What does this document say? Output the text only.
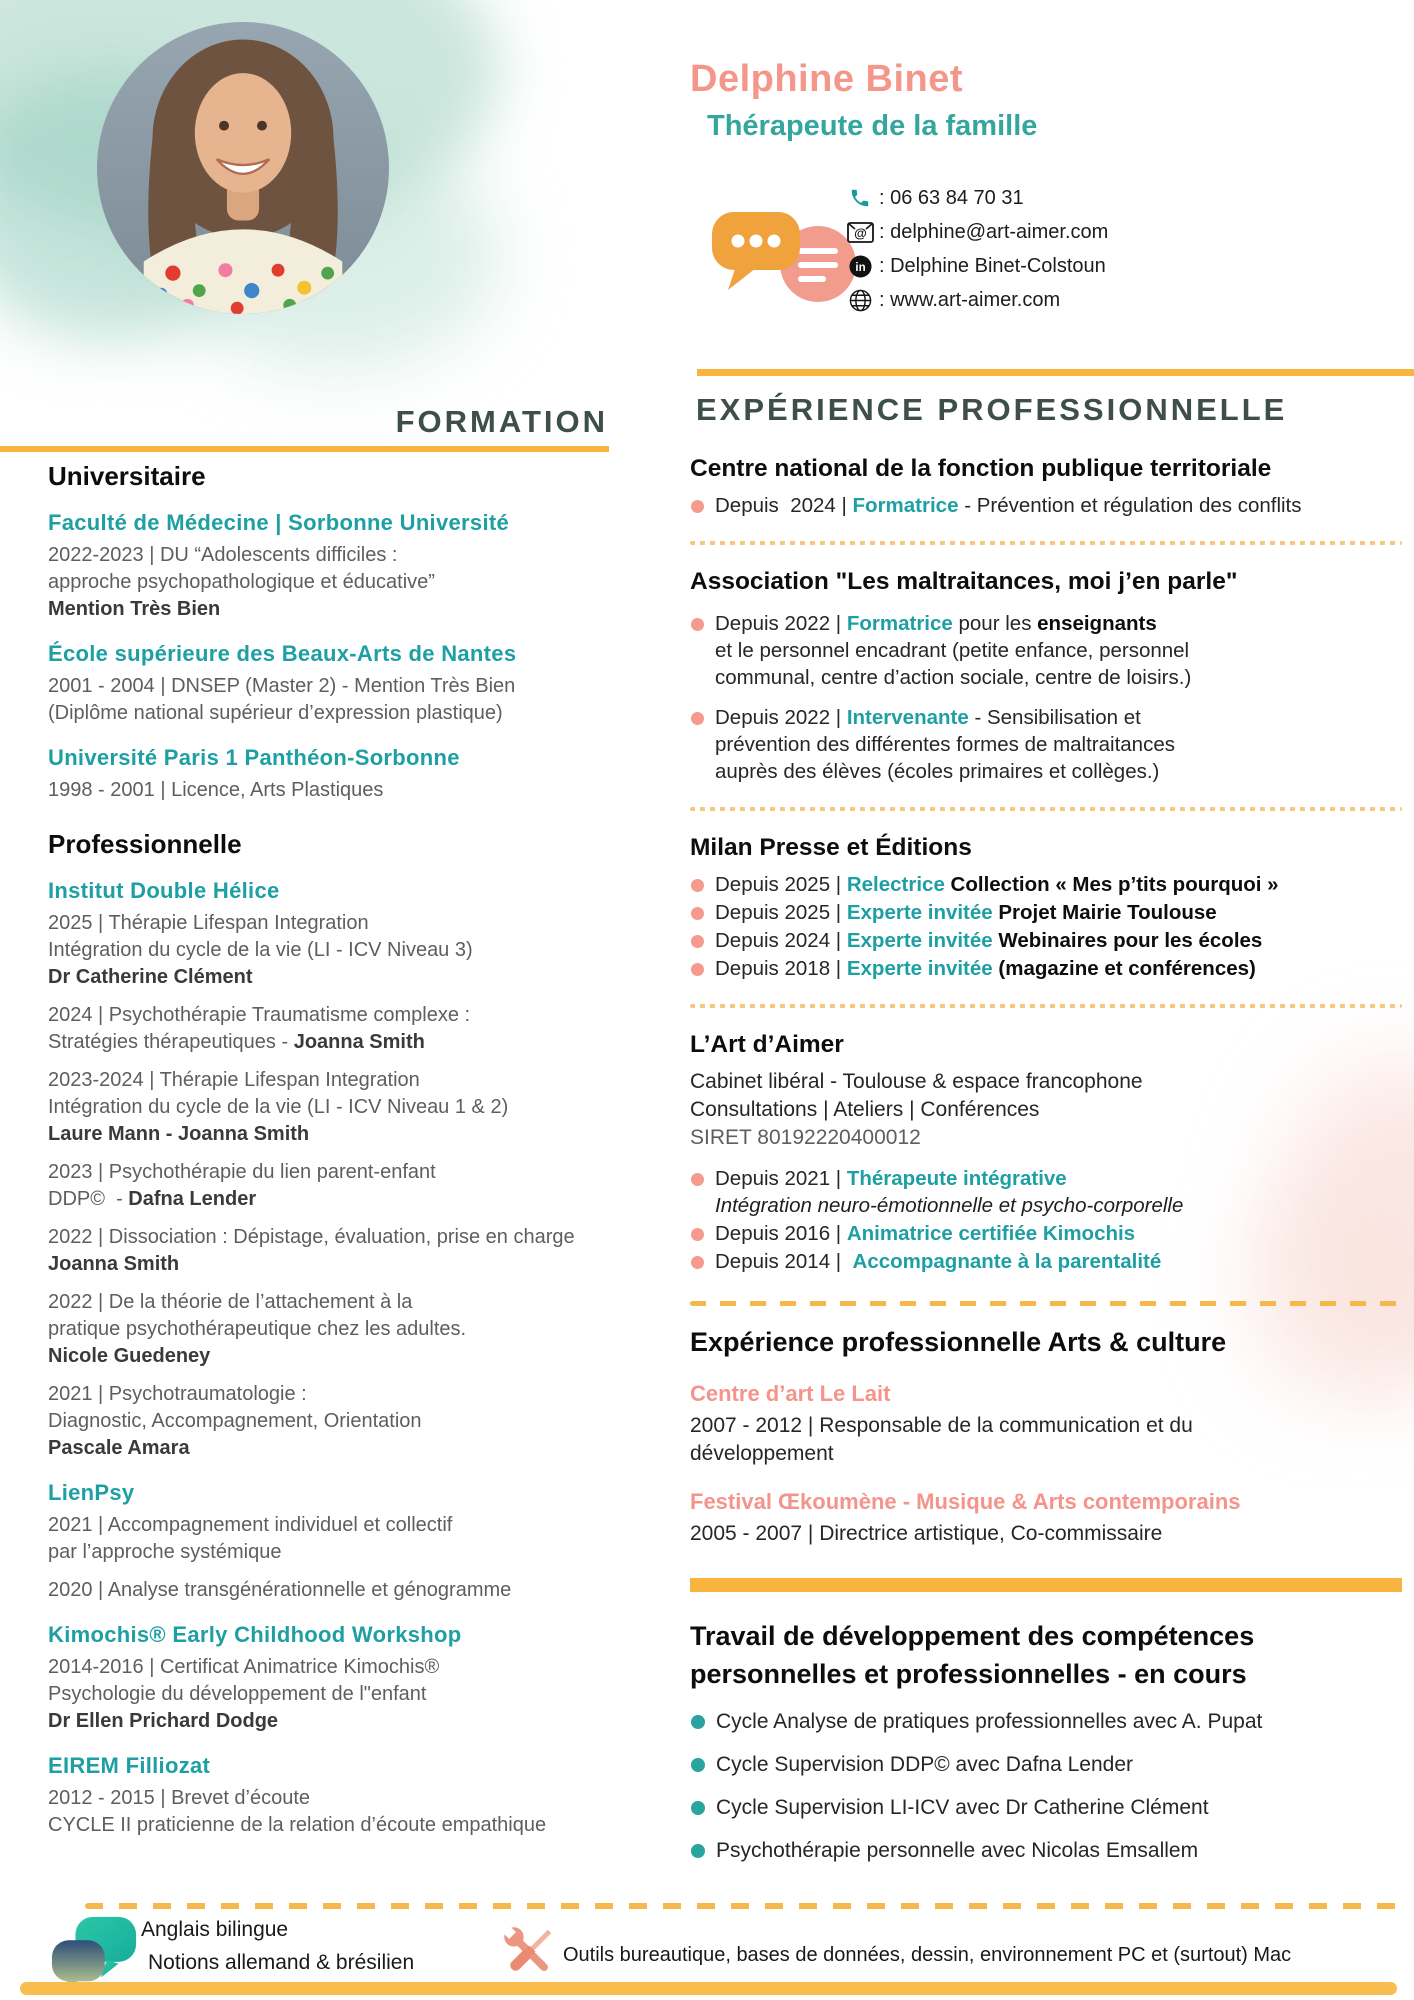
Delphine Binet
Thérapeute de la famille
: 06 63 84 70 31
@ : delphine@art-aimer.com
in : Delphine Binet-Colstoun
: www.art-aimer.com
FORMATION	EXPÉRIENCE PROFESSIONNELLE
Universitaire
Faculté de Médecine | Sorbonne Université
2022-2023 | DU “Adolescents difficiles :
approche psychopathologique et éducative”
Mention Très Bien
École supérieure des Beaux-Arts de Nantes
2001 - 2004 | DNSEP (Master 2) - Mention Très Bien
(Diplôme national supérieur d’expression plastique)
Université Paris 1 Panthéon-Sorbonne
1998 - 2001 | Licence, Arts Plastiques
Professionnelle
Institut Double Hélice
2025 | Thérapie Lifespan Integration
Intégration du cycle de la vie (LI - ICV Niveau 3)
Dr Catherine Clément
2024 | Psychothérapie Traumatisme complexe :
Stratégies thérapeutiques - Joanna Smith
2023-2024 | Thérapie Lifespan Integration
Intégration du cycle de la vie (LI - ICV Niveau 1 & 2)
Laure Mann - Joanna Smith
2023 | Psychothérapie du lien parent-enfant
DDP©  - Dafna Lender
2022 | Dissociation : Dépistage, évaluation, prise en charge
Joanna Smith
2022 | De la théorie de l’attachement à la
pratique psychothérapeutique chez les adultes.
Nicole Guedeney
2021 | Psychotraumatologie :
Diagnostic, Accompagnement, Orientation
Pascale Amara
LienPsy
2021 | Accompagnement individuel et collectif
par l’approche systémique
2020 | Analyse transgénérationnelle et génogramme
Kimochis® Early Childhood Workshop
2014-2016 | Certificat Animatrice Kimochis®
Psychologie du développement de l"enfant
Dr Ellen Prichard Dodge
EIREM Filliozat
2012 - 2015 | Brevet d’écoute
CYCLE II praticienne de la relation d’écoute empathique
Centre national de la fonction publique territoriale
Depuis  2024 | Formatrice - Prévention et régulation des conflits
Association "Les maltraitances, moi j’en parle"
Depuis 2022 | Formatrice pour les enseignants
et le personnel encadrant (petite enfance, personnel
communal, centre d’action sociale, centre de loisirs.)
Depuis 2022 | Intervenante - Sensibilisation et
prévention des différentes formes de maltraitances
auprès des élèves (écoles primaires et collèges.)
Milan Presse et Éditions
Depuis 2025 | Relectrice Collection « Mes p’tits pourquoi »
Depuis 2025 | Experte invitée Projet Mairie Toulouse
Depuis 2024 | Experte invitée Webinaires pour les écoles
Depuis 2018 | Experte invitée (magazine et conférences)
L’Art d’Aimer
Cabinet libéral - Toulouse & espace francophone
Consultations | Ateliers | Conférences
SIRET 80192220400012
Depuis 2021 | Thérapeute intégrative
Intégration neuro-émotionnelle et psycho-corporelle
Depuis 2016 | Animatrice certifiée Kimochis
Depuis 2014 |  Accompagnante à la parentalité
Expérience professionnelle Arts & culture
Centre d’art Le Lait
2007 - 2012 | Responsable de la communication et du
développement
Festival Œkoumène - Musique & Arts contemporains
2005 - 2007 | Directrice artistique, Co-commissaire
Travail de développement des compétences
personnelles et professionnelles - en cours
Cycle Analyse de pratiques professionnelles avec A. Pupat
Cycle Supervision DDP© avec Dafna Lender
Cycle Supervision LI-ICV avec Dr Catherine Clément
Psychothérapie personnelle avec Nicolas Emsallem
Anglais bilingue
Notions allemand & brésilien	Outils bureautique, bases de données, dessin, environnement PC et (surtout) Mac
